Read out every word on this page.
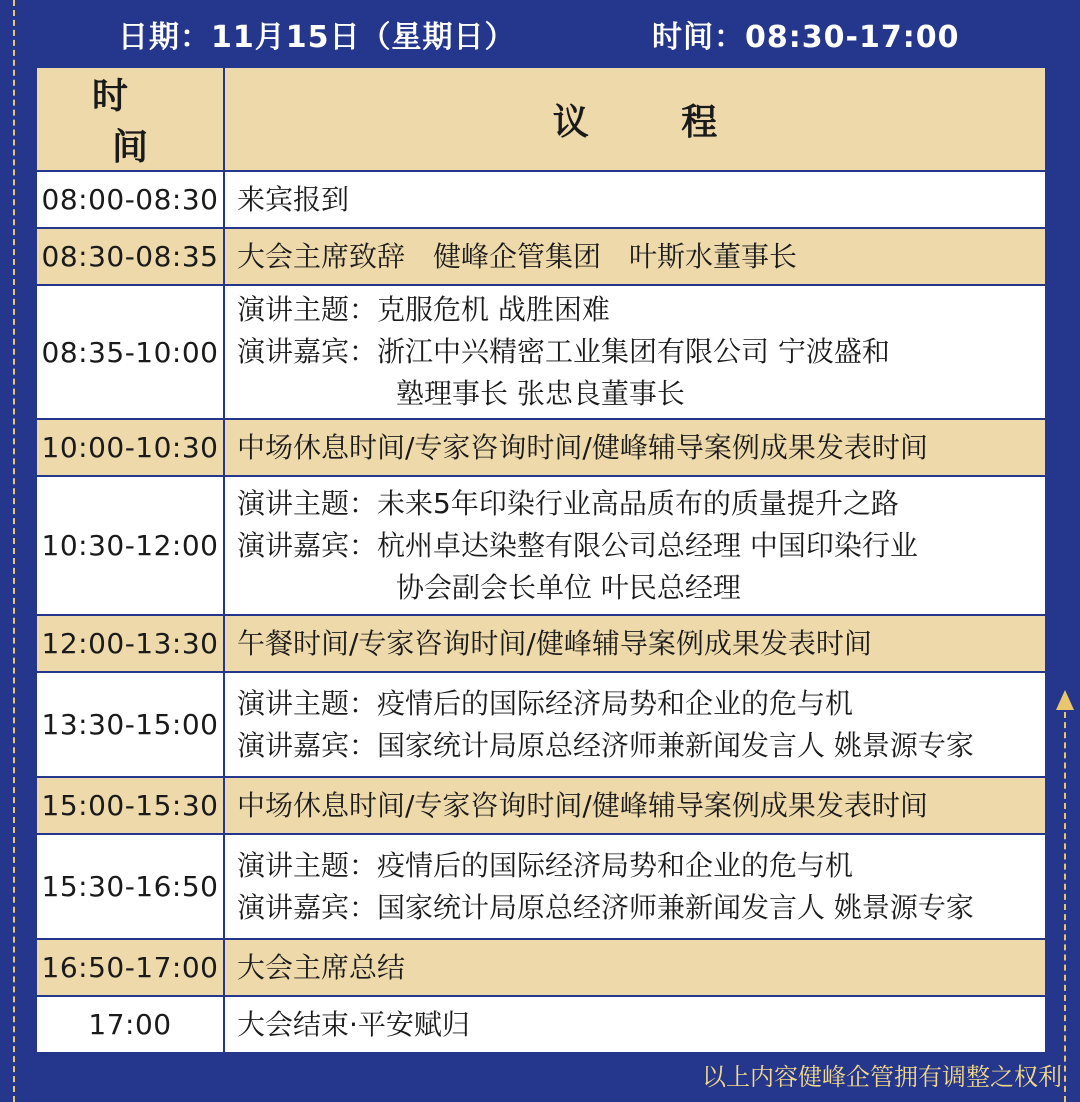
日期：11月15日（星期日）	时间：08:30-17:00
时 间	议 程
08:00-08:30	来宾报到

08:30-08:35	大会主席致辞　健峰企管集团　叶斯水董事长

08:35-10:00	演讲主题：克服危机 战胜困难
演讲嘉宾：浙江中兴精密工业集团有限公司 宁波盛和
塾理事长 张忠良董事长

10:00-10:30	中场休息时间/专家咨询时间/健峰辅导案例成果发表时间

10:30-12:00	演讲主题：未来5年印染行业高品质布的质量提升之路
演讲嘉宾：杭州卓达染整有限公司总经理 中国印染行业
协会副会长单位 叶民总经理

12:00-13:30	午餐时间/专家咨询时间/健峰辅导案例成果发表时间

13:30-15:00	演讲主题：疫情后的国际经济局势和企业的危与机
演讲嘉宾：国家统计局原总经济师兼新闻发言人 姚景源专家

15:00-15:30	中场休息时间/专家咨询时间/健峰辅导案例成果发表时间

15:30-16:50	演讲主题：疫情后的国际经济局势和企业的危与机
演讲嘉宾：国家统计局原总经济师兼新闻发言人 姚景源专家

16:50-17:00	大会主席总结

17:00	大会结束·平安赋归
以上内容健峰企管拥有调整之权利
